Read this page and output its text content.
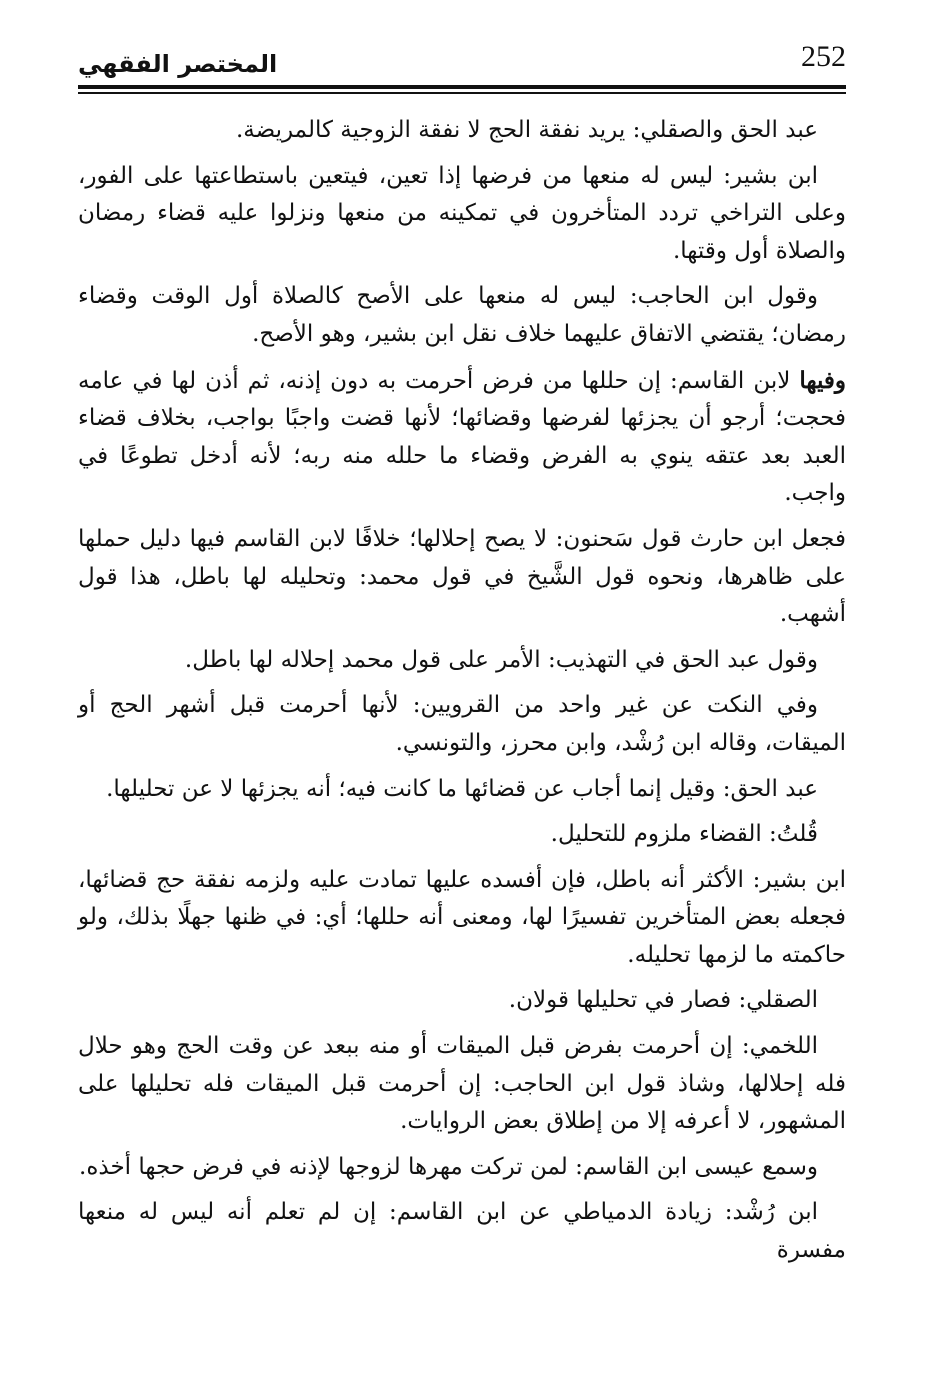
252
المختصر الفقهي

عبد الحق والصقلي: يريد نفقة الحج لا نفقة الزوجية كالمريضة.

ابن بشير: ليس له منعها من فرضها إذا تعين، فيتعين باستطاعتها على الفور، وعلى التراخي تردد المتأخرون في تمكينه من منعها ونزلوا عليه قضاء رمضان والصلاة أول وقتها.

وقول ابن الحاجب: ليس له منعها على الأصح كالصلاة أول الوقت وقضاء رمضان؛ يقتضي الاتفاق عليهما خلاف نقل ابن بشير، وهو الأصح.

وفيها لابن القاسم: إن حللها من فرض أحرمت به دون إذنه، ثم أذن لها في عامه فحجت؛ أرجو أن يجزئها لفرضها وقضائها؛ لأنها قضت واجبًا بواجب، بخلاف قضاء العبد بعد عتقه ينوي به الفرض وقضاء ما حلله منه ربه؛ لأنه أدخل تطوعًا في واجب.

فجعل ابن حارث قول سَحنون: لا يصح إحلالها؛ خلافًا لابن القاسم فيها دليل حملها على ظاهرها، ونحوه قول الشَّيخ في قول محمد: وتحليله لها باطل، هذا قول أشهب.

وقول عبد الحق في التهذيب: الأمر على قول محمد إحلاله لها باطل.

وفي النكت عن غير واحد من القرويين: لأنها أحرمت قبل أشهر الحج أو الميقات، وقاله ابن رُشْد، وابن محرز، والتونسي.

عبد الحق: وقيل إنما أجاب عن قضائها ما كانت فيه؛ أنه يجزئها لا عن تحليلها.

قُلتُ: القضاء ملزوم للتحليل.

ابن بشير: الأكثر أنه باطل، فإن أفسده عليها تمادت عليه ولزمه نفقة حج قضائها، فجعله بعض المتأخرين تفسيرًا لها، ومعنى أنه حللها؛ أي: في ظنها جهلًا بذلك، ولو حاكمته ما لزمها تحليله.

الصقلي: فصار في تحليلها قولان.

اللخمي: إن أحرمت بفرض قبل الميقات أو منه ببعد عن وقت الحج وهو حلال فله إحلالها، وشاذ قول ابن الحاجب: إن أحرمت قبل الميقات فله تحليلها على المشهور، لا أعرفه إلا من إطلاق بعض الروايات.

وسمع عيسى ابن القاسم: لمن تركت مهرها لزوجها لإذنه في فرض حجها أخذه.

ابن رُشْد: زيادة الدمياطي عن ابن القاسم: إن لم تعلم أنه ليس له منعها مفسرة
